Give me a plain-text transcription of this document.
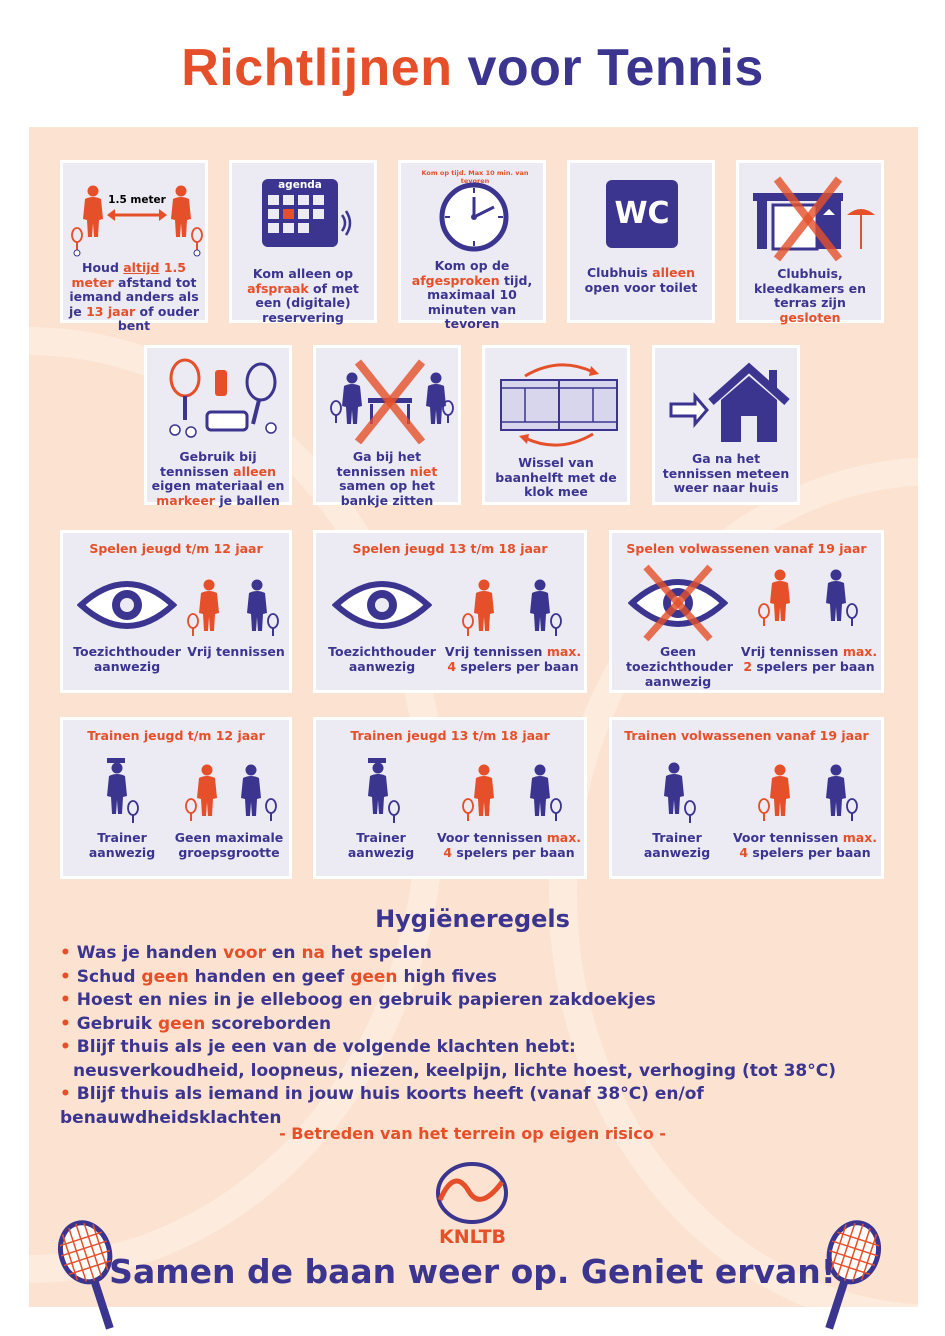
Richtlijnen voor Tennis
1.5 meter
Houd altijd 1.5 meter afstand tot iemand anders als je 13 jaar of ouder bent
agenda
Kom alleen op afspraak of met een (digitale) reservering
Kom op tijd. Max 10 min. van tevoren
Kom op de afgesproken tijd, maximaal 10 minuten van tevoren
WC
Clubhuis alleen open voor toilet
Clubhuis, kleedkamers en terras zijn gesloten
Gebruik bij tennissen alleen eigen materiaal en markeer je ballen
Ga bij het tennissen niet samen op het bankje zitten
Wissel van baanhelft met de klok mee
Ga na het tennissen meteen weer naar huis
Spelen jeugd t/m 12 jaar
Toezichthouder aanwezig
Vrij tennissen
Spelen jeugd 13 t/m 18 jaar
Toezichthouder aanwezig
Vrij tennissen max. 4 spelers per baan
Spelen volwassenen vanaf 19 jaar
Geen toezichthouder aanwezig
Vrij tennissen max. 2 spelers per baan
Trainen jeugd t/m 12 jaar
Trainer aanwezig
Geen maximale groepsgrootte
Trainen jeugd 13 t/m 18 jaar
Trainer aanwezig
Voor tennissen max. 4 spelers per baan
Trainen volwassenen vanaf 19 jaar
Trainer aanwezig
Voor tennissen max. 4 spelers per baan
Hygiëneregels
• Was je handen voor en na het spelen
• Schud geen handen en geef geen high fives
• Hoest en nies in je elleboog en gebruik papieren zakdoekjes
• Gebruik geen scoreborden
• Blijf thuis als je een van de volgende klachten hebt:
neusverkoudheid, loopneus, niezen, keelpijn, lichte hoest, verhoging (tot 38°C)
• Blijf thuis als iemand in jouw huis koorts heeft (vanaf 38°C) en/of benauwdheidsklachten
- Betreden van het terrein op eigen risico -
KNLTB
Samen de baan weer op. Geniet ervan!
